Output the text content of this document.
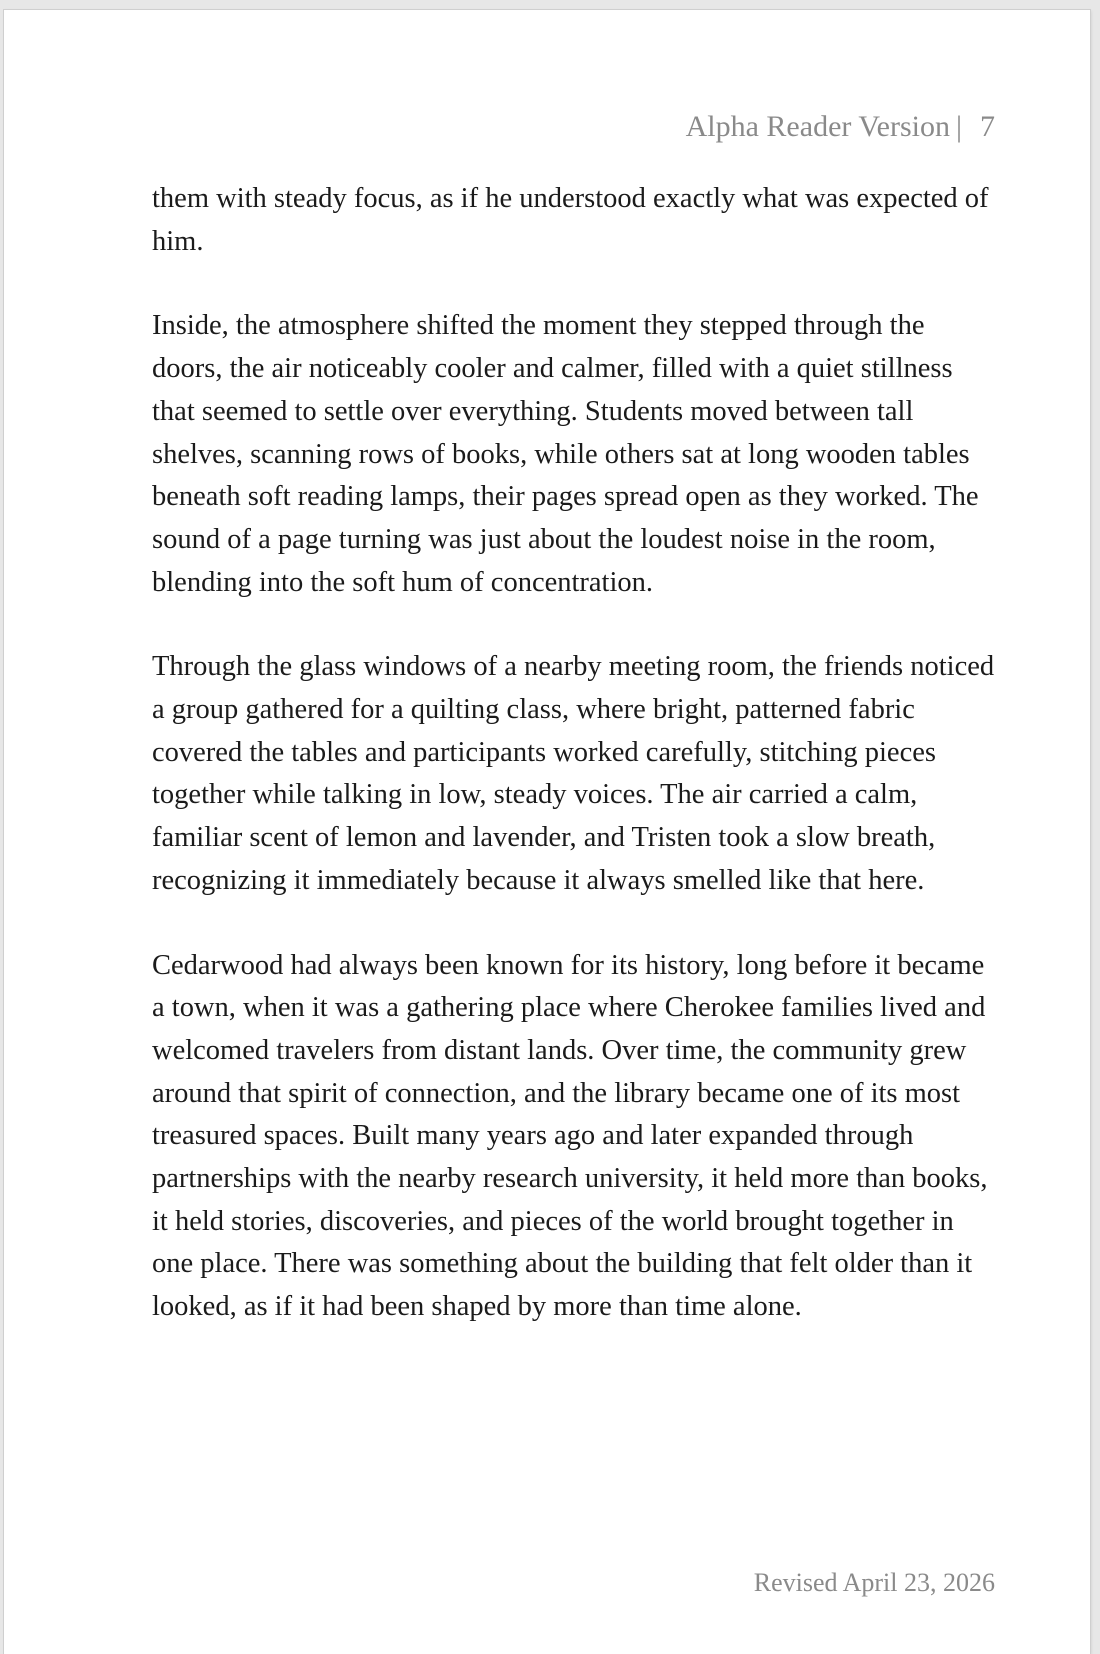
Alpha Reader Version | 7

them with steady focus, as if he understood exactly what was expected of him.

Inside, the atmosphere shifted the moment they stepped through the doors, the air noticeably cooler and calmer, filled with a quiet stillness that seemed to settle over everything. Students moved between tall shelves, scanning rows of books, while others sat at long wooden tables beneath soft reading lamps, their pages spread open as they worked. The sound of a page turning was just about the loudest noise in the room, blending into the soft hum of concentration.

Through the glass windows of a nearby meeting room, the friends noticed a group gathered for a quilting class, where bright, patterned fabric covered the tables and participants worked carefully, stitching pieces together while talking in low, steady voices. The air carried a calm, familiar scent of lemon and lavender, and Tristen took a slow breath, recognizing it immediately because it always smelled like that here.

Cedarwood had always been known for its history, long before it became a town, when it was a gathering place where Cherokee families lived and welcomed travelers from distant lands. Over time, the community grew around that spirit of connection, and the library became one of its most treasured spaces. Built many years ago and later expanded through partnerships with the nearby research university, it held more than books, it held stories, discoveries, and pieces of the world brought together in one place. There was something about the building that felt older than it looked, as if it had been shaped by more than time alone.

Revised April 23, 2026
